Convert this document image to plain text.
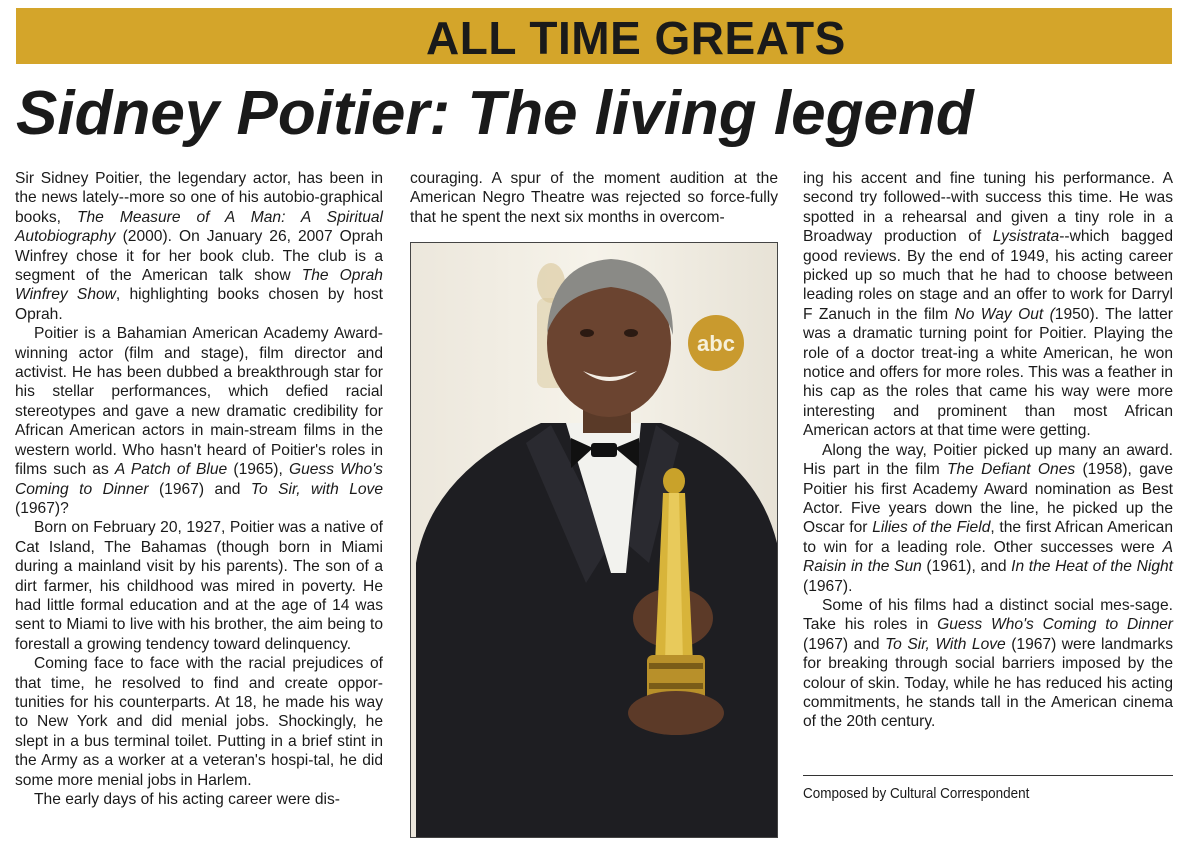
ALL TIME GREATS
Sidney Poitier: The living legend

Sir Sidney Poitier, the legendary actor, has been in the news lately--more so one of his autobio-graphical books, The Measure of A Man: A Spiritual Autobiography (2000). On January 26, 2007 Oprah Winfrey chose it for her book club. The club is a segment of the American talk show The Oprah Winfrey Show, highlighting books chosen by host Oprah.

Poitier is a Bahamian American Academy Award-winning actor (film and stage), film director and activist. He has been dubbed a breakthrough star for his stellar performances, which defied racial stereotypes and gave a new dramatic credibility for African American actors in main-stream films in the western world. Who hasn't heard of Poitier's roles in films such as A Patch of Blue (1965), Guess Who's Coming to Dinner (1967) and To Sir, with Love (1967)?

Born on February 20, 1927, Poitier was a native of Cat Island, The Bahamas (though born in Miami during a mainland visit by his parents). The son of a dirt farmer, his childhood was mired in poverty. He had little formal education and at the age of 14 was sent to Miami to live with his brother, the aim being to forestall a growing tendency toward delinquency.

Coming face to face with the racial prejudices of that time, he resolved to find and create oppor-tunities for his counterparts. At 18, he made his way to New York and did menial jobs. Shockingly, he slept in a bus terminal toilet. Putting in a brief stint in the Army as a worker at a veteran's hospi-tal, he did some more menial jobs in Harlem.

The early days of his acting career were dis-

couraging. A spur of the moment audition at the American Negro Theatre was rejected so force-fully that he spent the next six months in overcom-

abc

ing his accent and fine tuning his performance. A second try followed--with success this time. He was spotted in a rehearsal and given a tiny role in a Broadway production of Lysistrata--which bagged good reviews. By the end of 1949, his acting career picked up so much that he had to choose between leading roles on stage and an offer to work for Darryl F Zanuch in the film No Way Out (1950). The latter was a dramatic turning point for Poitier. Playing the role of a doctor treat-ing a white American, he won notice and offers for more roles. This was a feather in his cap as the roles that came his way were more interesting and prominent than most African American actors at that time were getting.

Along the way, Poitier picked up many an award. His part in the film The Defiant Ones (1958), gave Poitier his first Academy Award nomination as Best Actor. Five years down the line, he picked up the Oscar for Lilies of the Field, the first African American to win for a leading role. Other successes were A Raisin in the Sun (1961), and In the Heat of the Night (1967).

Some of his films had a distinct social mes-sage. Take his roles in Guess Who's Coming to Dinner (1967) and To Sir, With Love (1967) were landmarks for breaking through social barriers imposed by the colour of skin. Today, while he has reduced his acting commitments, he stands tall in the American cinema of the 20th century.

Composed by Cultural Correspondent
